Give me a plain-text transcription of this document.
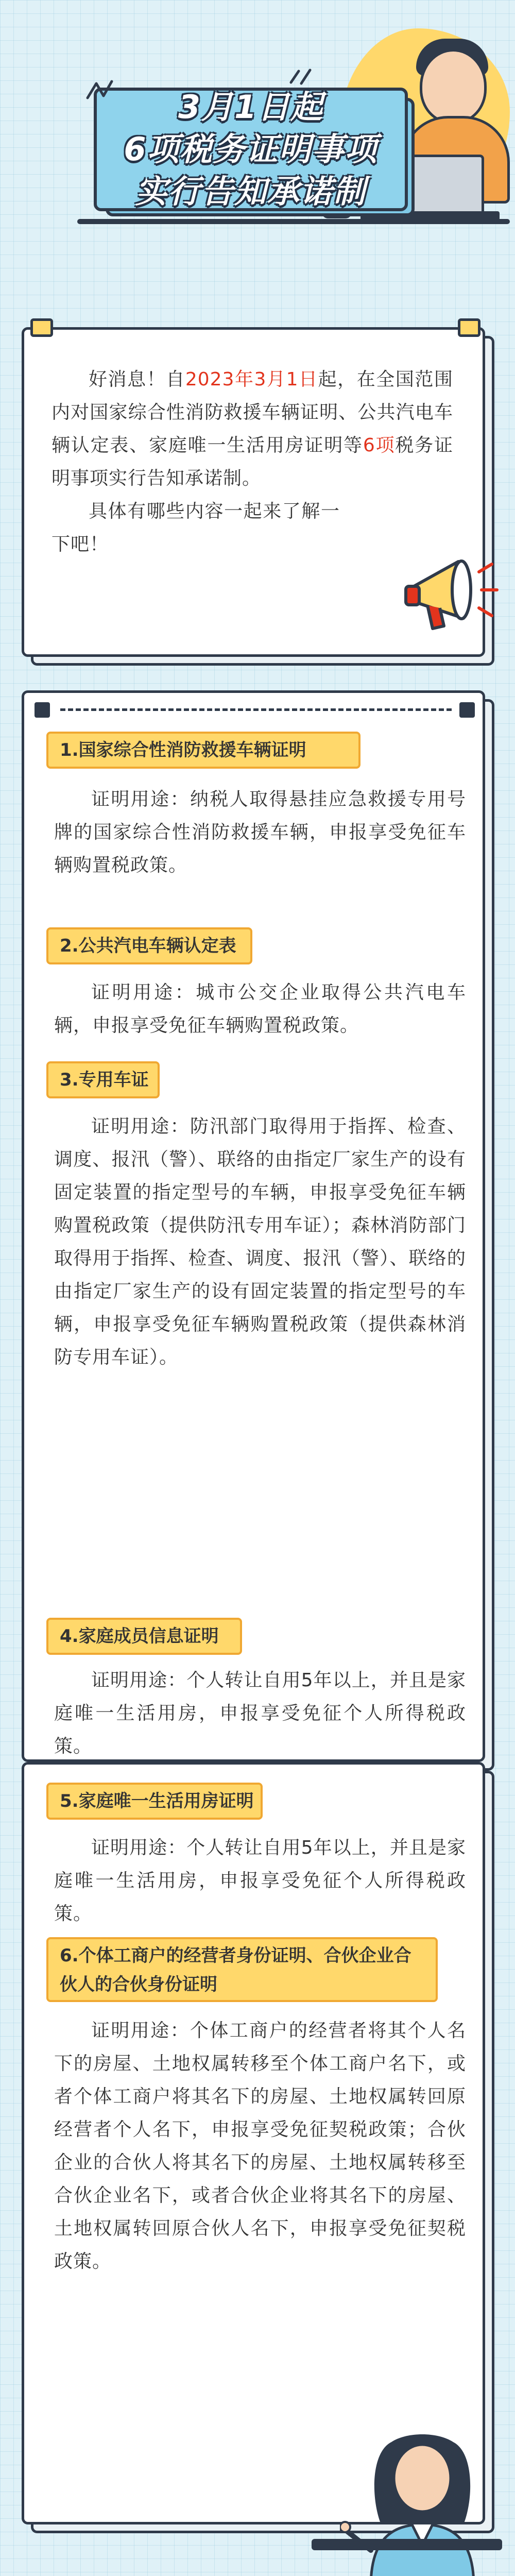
3月1日起
6项税务证明事项
实行告知承诺制

好消息！自2023年3月1日起，在全国范围内对国家综合性消防救援车辆证明、公共汽电车辆认定表、家庭唯一生活用房证明等6项税务证明事项实行告知承诺制。

具体有哪些内容一起来了解一下吧！

1.国家综合性消防救援车辆证明

证明用途：纳税人取得悬挂应急救援专用号牌的国家综合性消防救援车辆，申报享受免征车辆购置税政策。

2.公共汽电车辆认定表

证明用途：城市公交企业取得公共汽电车辆，申报享受免征车辆购置税政策。

3.专用车证

证明用途：防汛部门取得用于指挥、检查、调度、报汛（警）、联络的由指定厂家生产的设有固定装置的指定型号的车辆，申报享受免征车辆购置税政策（提供防汛专用车证）；森林消防部门取得用于指挥、检查、调度、报汛（警）、联络的由指定厂家生产的设有固定装置的指定型号的车辆，申报享受免征车辆购置税政策（提供森林消防专用车证）。

4.家庭成员信息证明

证明用途：个人转让自用5年以上，并且是家庭唯一生活用房，申报享受免征个人所得税政策。

5.家庭唯一生活用房证明

证明用途：个人转让自用5年以上，并且是家庭唯一生活用房，申报享受免征个人所得税政策。

6.个体工商户的经营者身份证明、合伙企业合伙人的合伙身份证明

证明用途：个体工商户的经营者将其个人名下的房屋、土地权属转移至个体工商户名下，或者个体工商户将其名下的房屋、土地权属转回原经营者个人名下，申报享受免征契税政策；合伙企业的合伙人将其名下的房屋、土地权属转移至合伙企业名下，或者合伙企业将其名下的房屋、土地权属转回原合伙人名下，申报享受免征契税政策。
